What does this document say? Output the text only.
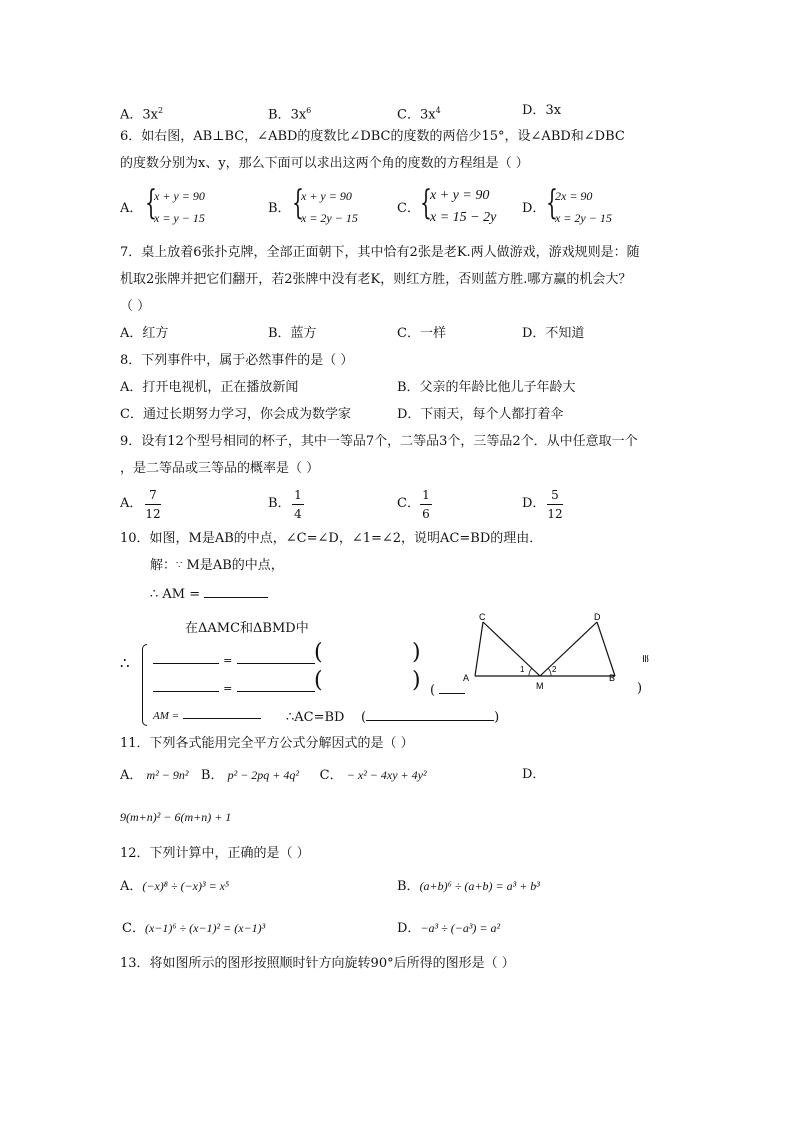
A．$3x^2$	B．$3x^6$	C．$3x^4$	D．3x
6．如右图，AB⊥BC，∠ABD的度数比∠DBC的度数的两倍少15°，设∠ABD和∠DBC
的度数分别为x、y，那么下面可以求出这两个角的度数的方程组是（ ）
A． {
x + y = 90
x = y − 15
B． {
x + y = 90
x = 2y − 15
C． {
x + y = 90
x = 15 − 2y
D． {
2x = 90
x = 2y − 15
7．桌上放着6张扑克牌，全部正面朝下，其中恰有2张是老K.两人做游戏，游戏规则是：随
机取2张牌并把它们翻开，若2张牌中没有老K，则红方胜，否则蓝方胜.哪方赢的机会大？
（ ）
A．红方	B．蓝方	C．一样	D．不知道
8．下列事件中，属于必然事件的是（ ）
A．打开电视机，正在播放新闻	B．父亲的年龄比他儿子年龄大
C．通过长期努力学习，你会成为数学家	D．下雨天，每个人都打着伞
9．设有12个型号相同的杯子，其中一等品7个，二等品3个，三等品2个．从中任意取一个
，是二等品或三等品的概率是（ ）
A．
7
12
B．
1
4
C．
1
6
D．
5
12
10．如图，M是AB的中点，∠C=∠D，∠1=∠2，说明AC=BD的理由．
解：∵ M是AB的中点，
∴ AM =
在ΔAMC和ΔBMD中
∴	=	(	)
=	(	) (
AM =	∴AC=BD    (	)
C	D
A	B
M
1	2
≌
)
11．下列各式能用完全平方公式分解因式的是（ ）
A． m² − 9n² B． p² − 2pq + 4q² C． − x² − 4xy + 4y²	D．
9(m+n)² − 6(m+n) + 1
12．下列计算中，正确的是（ ）
A．(−x)⁸ ÷ (−x)³ = x⁵	B．(a+b)⁶ ÷ (a+b) = a³ + b³
C．(x−1)⁶ ÷ (x−1)² = (x−1)³	D．−a³ ÷ (−a³) = a²
13．将如图所示的图形按照顺时针方向旋转90°后所得的图形是（ ）
